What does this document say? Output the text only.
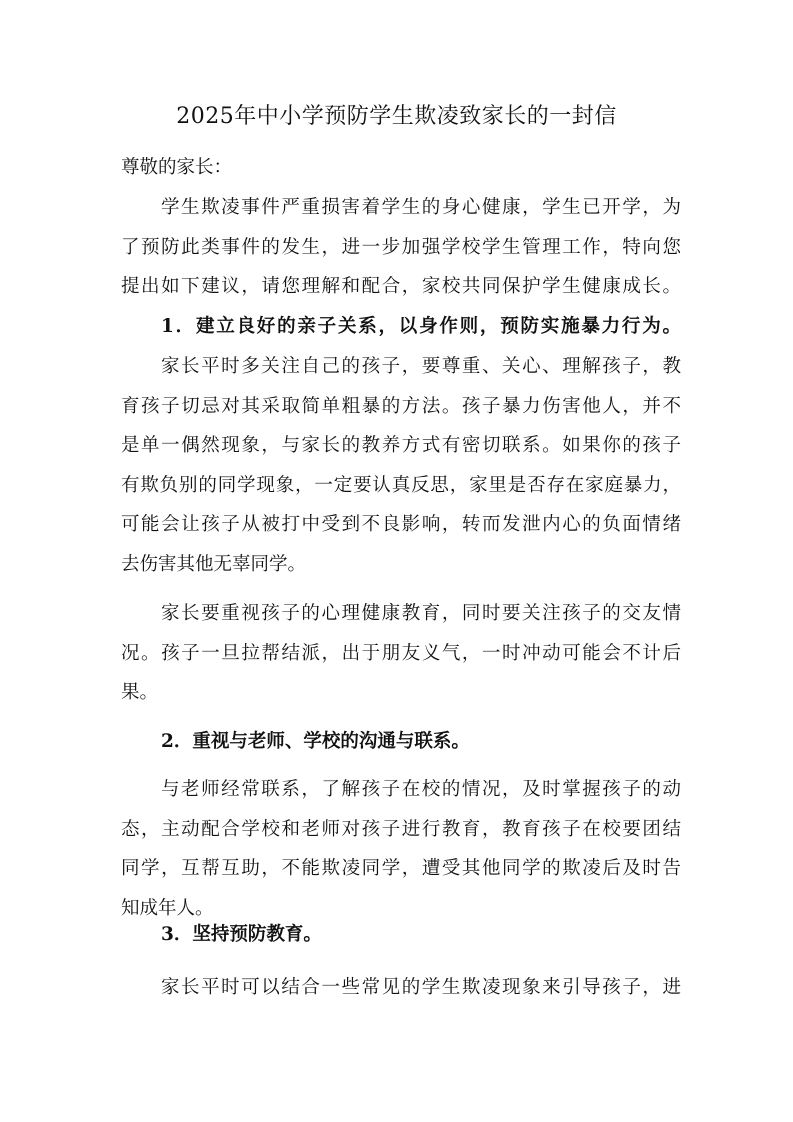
2025年中小学预防学生欺凌致家长的一封信
尊敬的家长：
学生欺凌事件严重损害着学生的身心健康，学生已开学，为
了预防此类事件的发生，进一步加强学校学生管理工作，特向您
提出如下建议，请您理解和配合，家校共同保护学生健康成长。
1．建立良好的亲子关系，以身作则，预防实施暴力行为。
家长平时多关注自己的孩子，要尊重、关心、理解孩子，教
育孩子切忌对其采取简单粗暴的方法。孩子暴力伤害他人，并不
是单一偶然现象，与家长的教养方式有密切联系。如果你的孩子
有欺负别的同学现象，一定要认真反思，家里是否存在家庭暴力，
可能会让孩子从被打中受到不良影响，转而发泄内心的负面情绪
去伤害其他无辜同学。
家长要重视孩子的心理健康教育，同时要关注孩子的交友情
况。孩子一旦拉帮结派，出于朋友义气，一时冲动可能会不计后
果。
2．重视与老师、学校的沟通与联系。
与老师经常联系，了解孩子在校的情况，及时掌握孩子的动
态，主动配合学校和老师对孩子进行教育，教育孩子在校要团结
同学，互帮互助，不能欺凌同学，遭受其他同学的欺凌后及时告
知成年人。
3．坚持预防教育。
家长平时可以结合一些常见的学生欺凌现象来引导孩子，进
